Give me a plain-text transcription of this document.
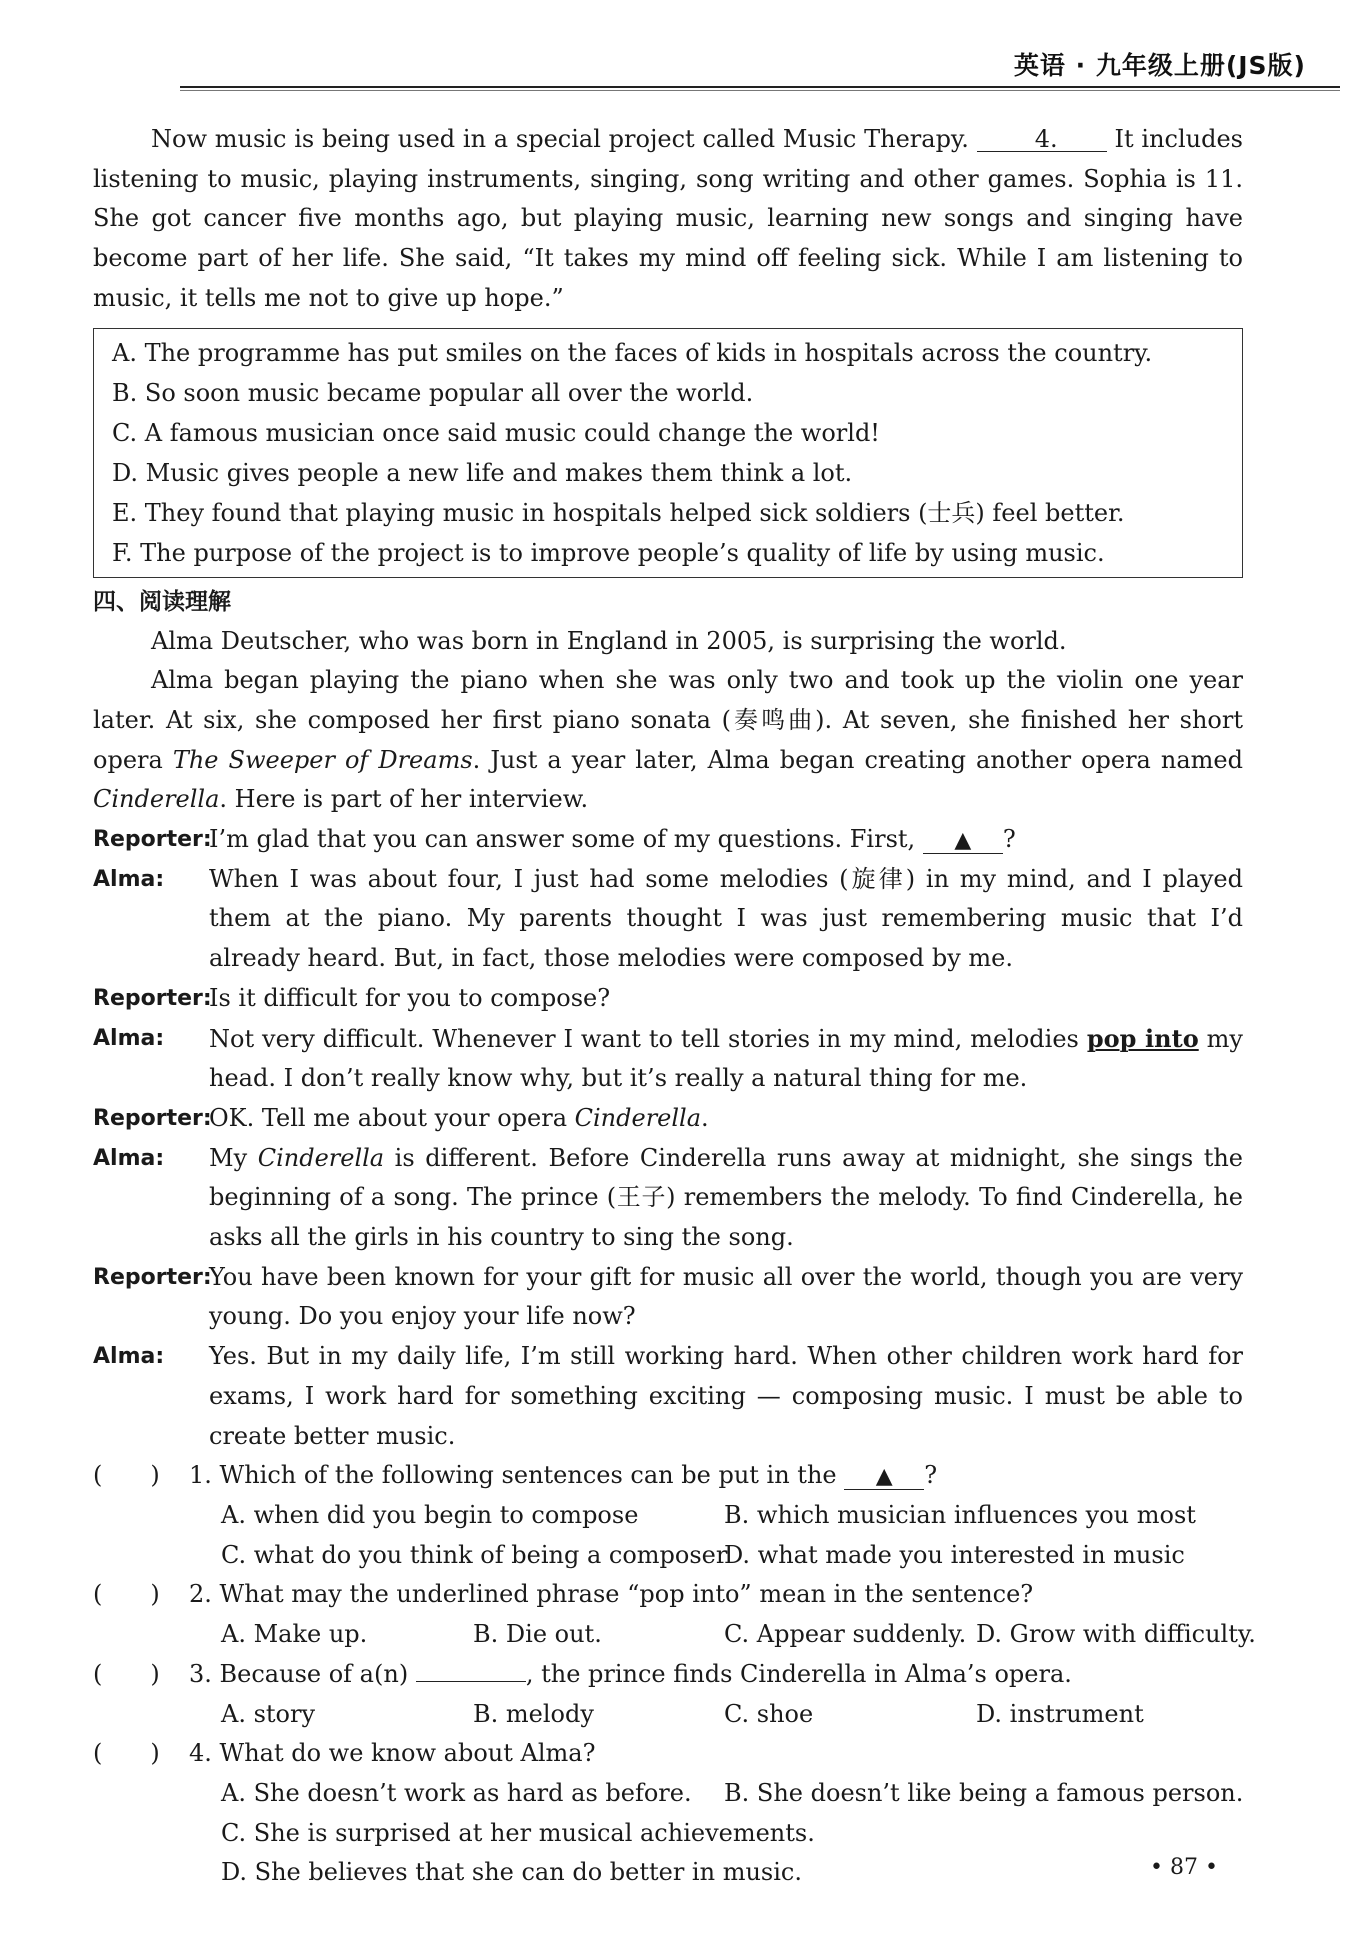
英语 · 九年级上册(JS版)

Now music is being used in a special project called Music Therapy.	4. It includes listening to music, playing instruments, singing, song writing and other games. Sophia is 11. She got cancer five months ago, but playing music, learning new songs and singing have become part of her life. She said, “It takes my mind off feeling sick. While I am listening to music, it tells me not to give up hope.”

A. The programme has put smiles on the faces of kids in hospitals across the country.
B. So soon music became popular all over the world.
C. A famous musician once said music could change the world!
D. Music gives people a new life and makes them think a lot.
E. They found that playing music in hospitals helped sick soldiers (士兵) feel better.
F. The purpose of the project is to improve people’s quality of life by using music.
四、阅读理解

Alma Deutscher, who was born in England in 2005, is surprising the world.

Alma began playing the piano when she was only two and took up the violin one year later. At six, she composed her first piano sonata (奏鸣曲). At seven, she finished her short opera The Sweeper of Dreams. Just a year later, Alma began creating another opera named Cinderella. Here is part of her interview.

Reporter:
I’m glad that you can answer some of my questions. First, ▲ ?
Alma:	When I was about four, I just had some melodies (旋律) in my mind, and I played them at the piano. My parents thought I was just remembering music that I’d already heard. But, in fact, those melodies were composed by me.
Reporter:
Is it difficult for you to compose?
Alma:	Not very difficult. Whenever I want to tell stories in my mind, melodies pop into my head. I don’t really know why, but it’s really a natural thing for me.
Reporter:
OK. Tell me about your opera Cinderella.
Alma:	My Cinderella is different. Before Cinderella runs away at midnight, she sings the beginning of a song. The prince (王子) remembers the melody. To find Cinderella, he asks all the girls in his country to sing the song.
Reporter:
You have been known for your gift for music all over the world, though you are very young. Do you enjoy your life now?
Alma:	Yes. But in my daily life, I’m still working hard. When other children work hard for exams, I work hard for something exciting — composing music. I must be able to create better music.
(　　)	1. Which of the following sentences can be put in the ▲ ?
A. when did you begin to compose	B. which musician influences you most
C. what do you think of being a composer
D. what made you interested in music
(　　)	2. What may the underlined phrase “pop into” mean in the sentence?
A. Make up.	B. Die out.	C. Appear suddenly. D. Grow with difficulty.
(　　)	3. Because of a(n)	, the prince finds Cinderella in Alma’s opera.
A. story	B. melody	C. shoe	D. instrument
(　　)	4. What do we know about Alma?
A. She doesn’t work as hard as before.	B. She doesn’t like being a famous person.
C. She is surprised at her musical achievements.
D. She believes that she can do better in music.	• 87 •
